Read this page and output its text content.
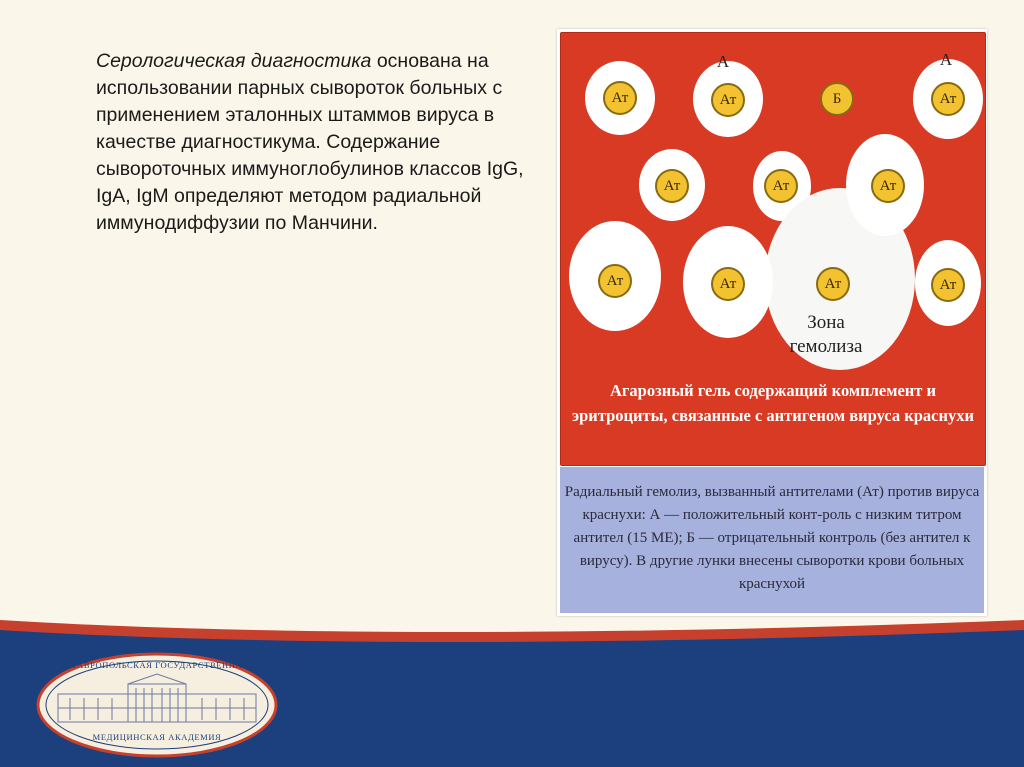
Серологическая диагностика основана на использовании парных сывороток больных с применением эталонных штаммов вируса в качестве диагностикума. Содержание сывороточных иммуноглобулинов классов IgG, IgA, IgM определяют методом радиальной иммунодиффузии по Манчини.

Ат	Ат
А
Б	Ат
А
Ат	Ат	Ат
Ат	Ат	Ат
Зона гемолиза
Ат
Агарозный гель содержащий комплемент и эритроциты, связанные с антигеном вируса краснухи
Радиальный гемолиз, вызванный антителами (Ат) против вируса краснухи: А — положительный конт-роль с низким титром антител (15 МЕ); Б — отрицательный контроль (без антител к вирусу). В другие лунки внесены сыворотки крови больных краснухой
СТАВРОПОЛЬСКАЯ ГОСУДАРСТВЕННАЯ
МЕДИЦИНСКАЯ АКАДЕМИЯ
